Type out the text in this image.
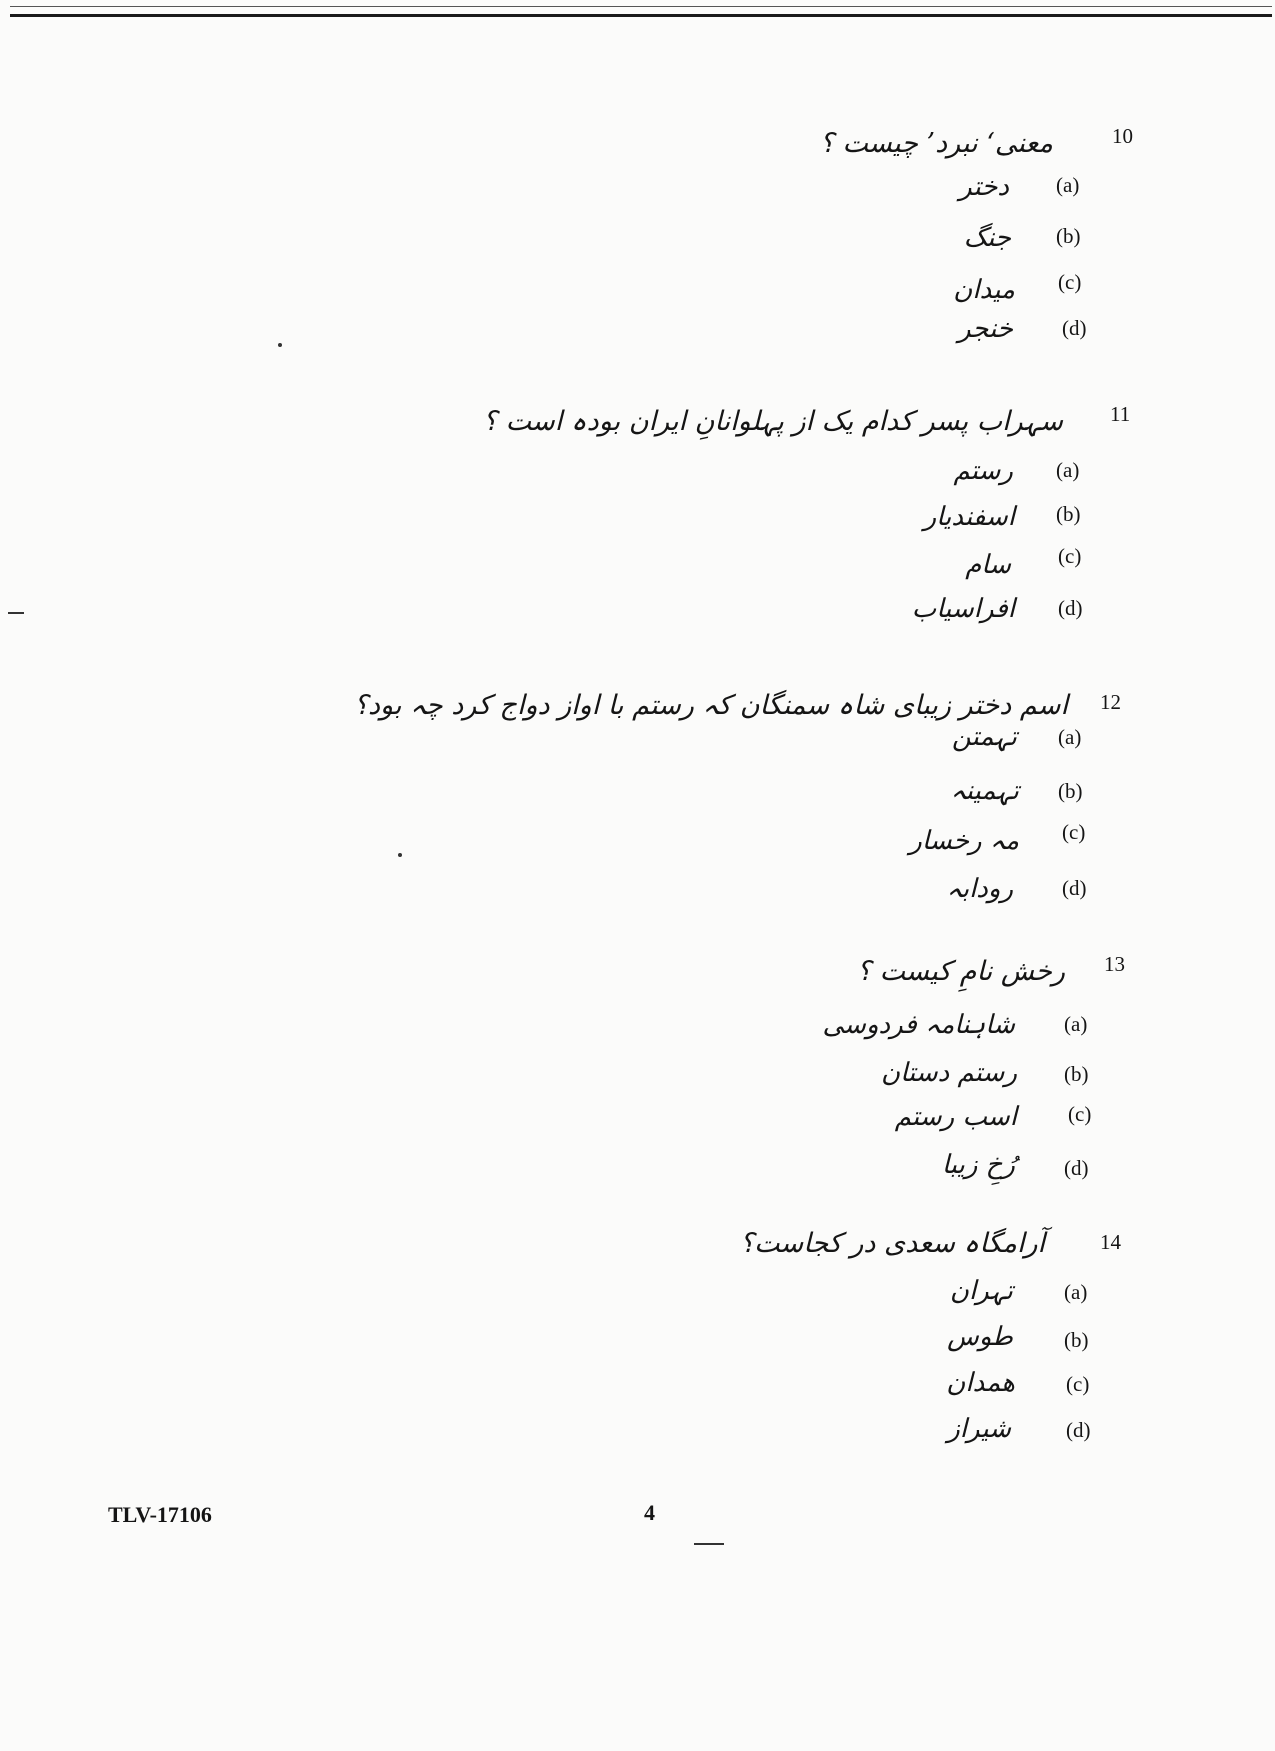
10
معنی‘ نبرد’ چیست ؟
(a)
دختر
(b)
جنگ
(c)
میدان
(d)
خنجر
11
سہراب پسر کدام یک از پہلوانانِ ایران بودہ است ؟
(a)
رستم
(b)
اسفندیار
(c)
سام
(d)
افراسیاب
12
اسم دختر زیبای شاہ سمنگان کہ رستم با اواز دواج کرد چہ بود؟
(a)
تہمتن
(b)
تہمینہ
(c)
مہ رخسار
(d)
رودابہ
13
رخش نامِ کیست ؟
(a)
شاہنامہ فردوسی
(b)
رستم دستان
(c)
اسب رستم
(d)
رُخِ زیبا
14
آرامگاہ سعدی در کجاست؟
(a)
تہران
(b)
طوس
(c)
ھمدان
(d)
شیراز
TLV-17106	4
